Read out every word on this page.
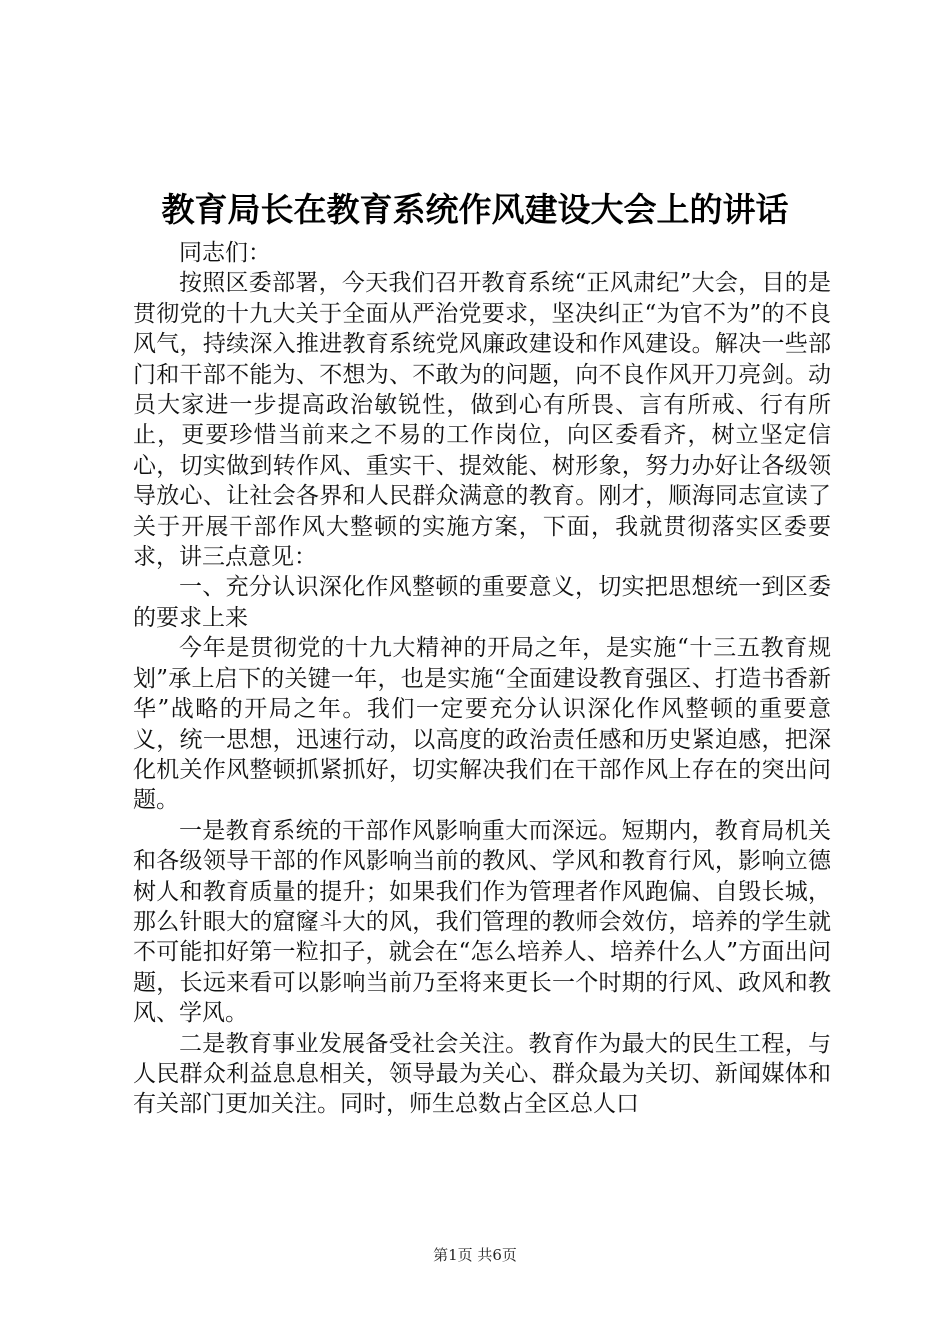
教育局长在教育系统作风建设大会上的讲话

同志们：

按照区委部署，今天我们召开教育系统“正风肃纪”大会，目的是贯彻党的十九大关于全面从严治党要求，坚决纠正“为官不为”的不良风气，持续深入推进教育系统党风廉政建设和作风建设。解决一些部门和干部不能为、不想为、不敢为的问题，向不良作风开刀亮剑。动员大家进一步提高政治敏锐性，做到心有所畏、言有所戒、行有所止，更要珍惜当前来之不易的工作岗位，向区委看齐，树立坚定信心，切实做到转作风、重实干、提效能、树形象，努力办好让各级领导放心、让社会各界和人民群众满意的教育。刚才，顺海同志宣读了关于开展干部作风大整顿的实施方案，下面，我就贯彻落实区委要求，讲三点意见：

一、充分认识深化作风整顿的重要意义，切实把思想统一到区委的要求上来

今年是贯彻党的十九大精神的开局之年，是实施“十三五教育规划”承上启下的关键一年，也是实施“全面建设教育强区、打造书香新华”战略的开局之年。我们一定要充分认识深化作风整顿的重要意义，统一思想，迅速行动，以高度的政治责任感和历史紧迫感，把深化机关作风整顿抓紧抓好，切实解决我们在干部作风上存在的突出问题。

一是教育系统的干部作风影响重大而深远。短期内，教育局机关和各级领导干部的作风影响当前的教风、学风和教育行风，影响立德树人和教育质量的提升；如果我们作为管理者作风跑偏、自毁长城，那么针眼大的窟窿斗大的风，我们管理的教师会效仿，培养的学生就不可能扣好第一粒扣子，就会在“怎么培养人、培养什么人”方面出问题，长远来看可以影响当前乃至将来更长一个时期的行风、政风和教风、学风。

二是教育事业发展备受社会关注。教育作为最大的民生工程，与人民群众利益息息相关，领导最为关心、群众最为关切、新闻媒体和有关部门更加关注。同时，师生总数占全区总人口

第1页 共6页
